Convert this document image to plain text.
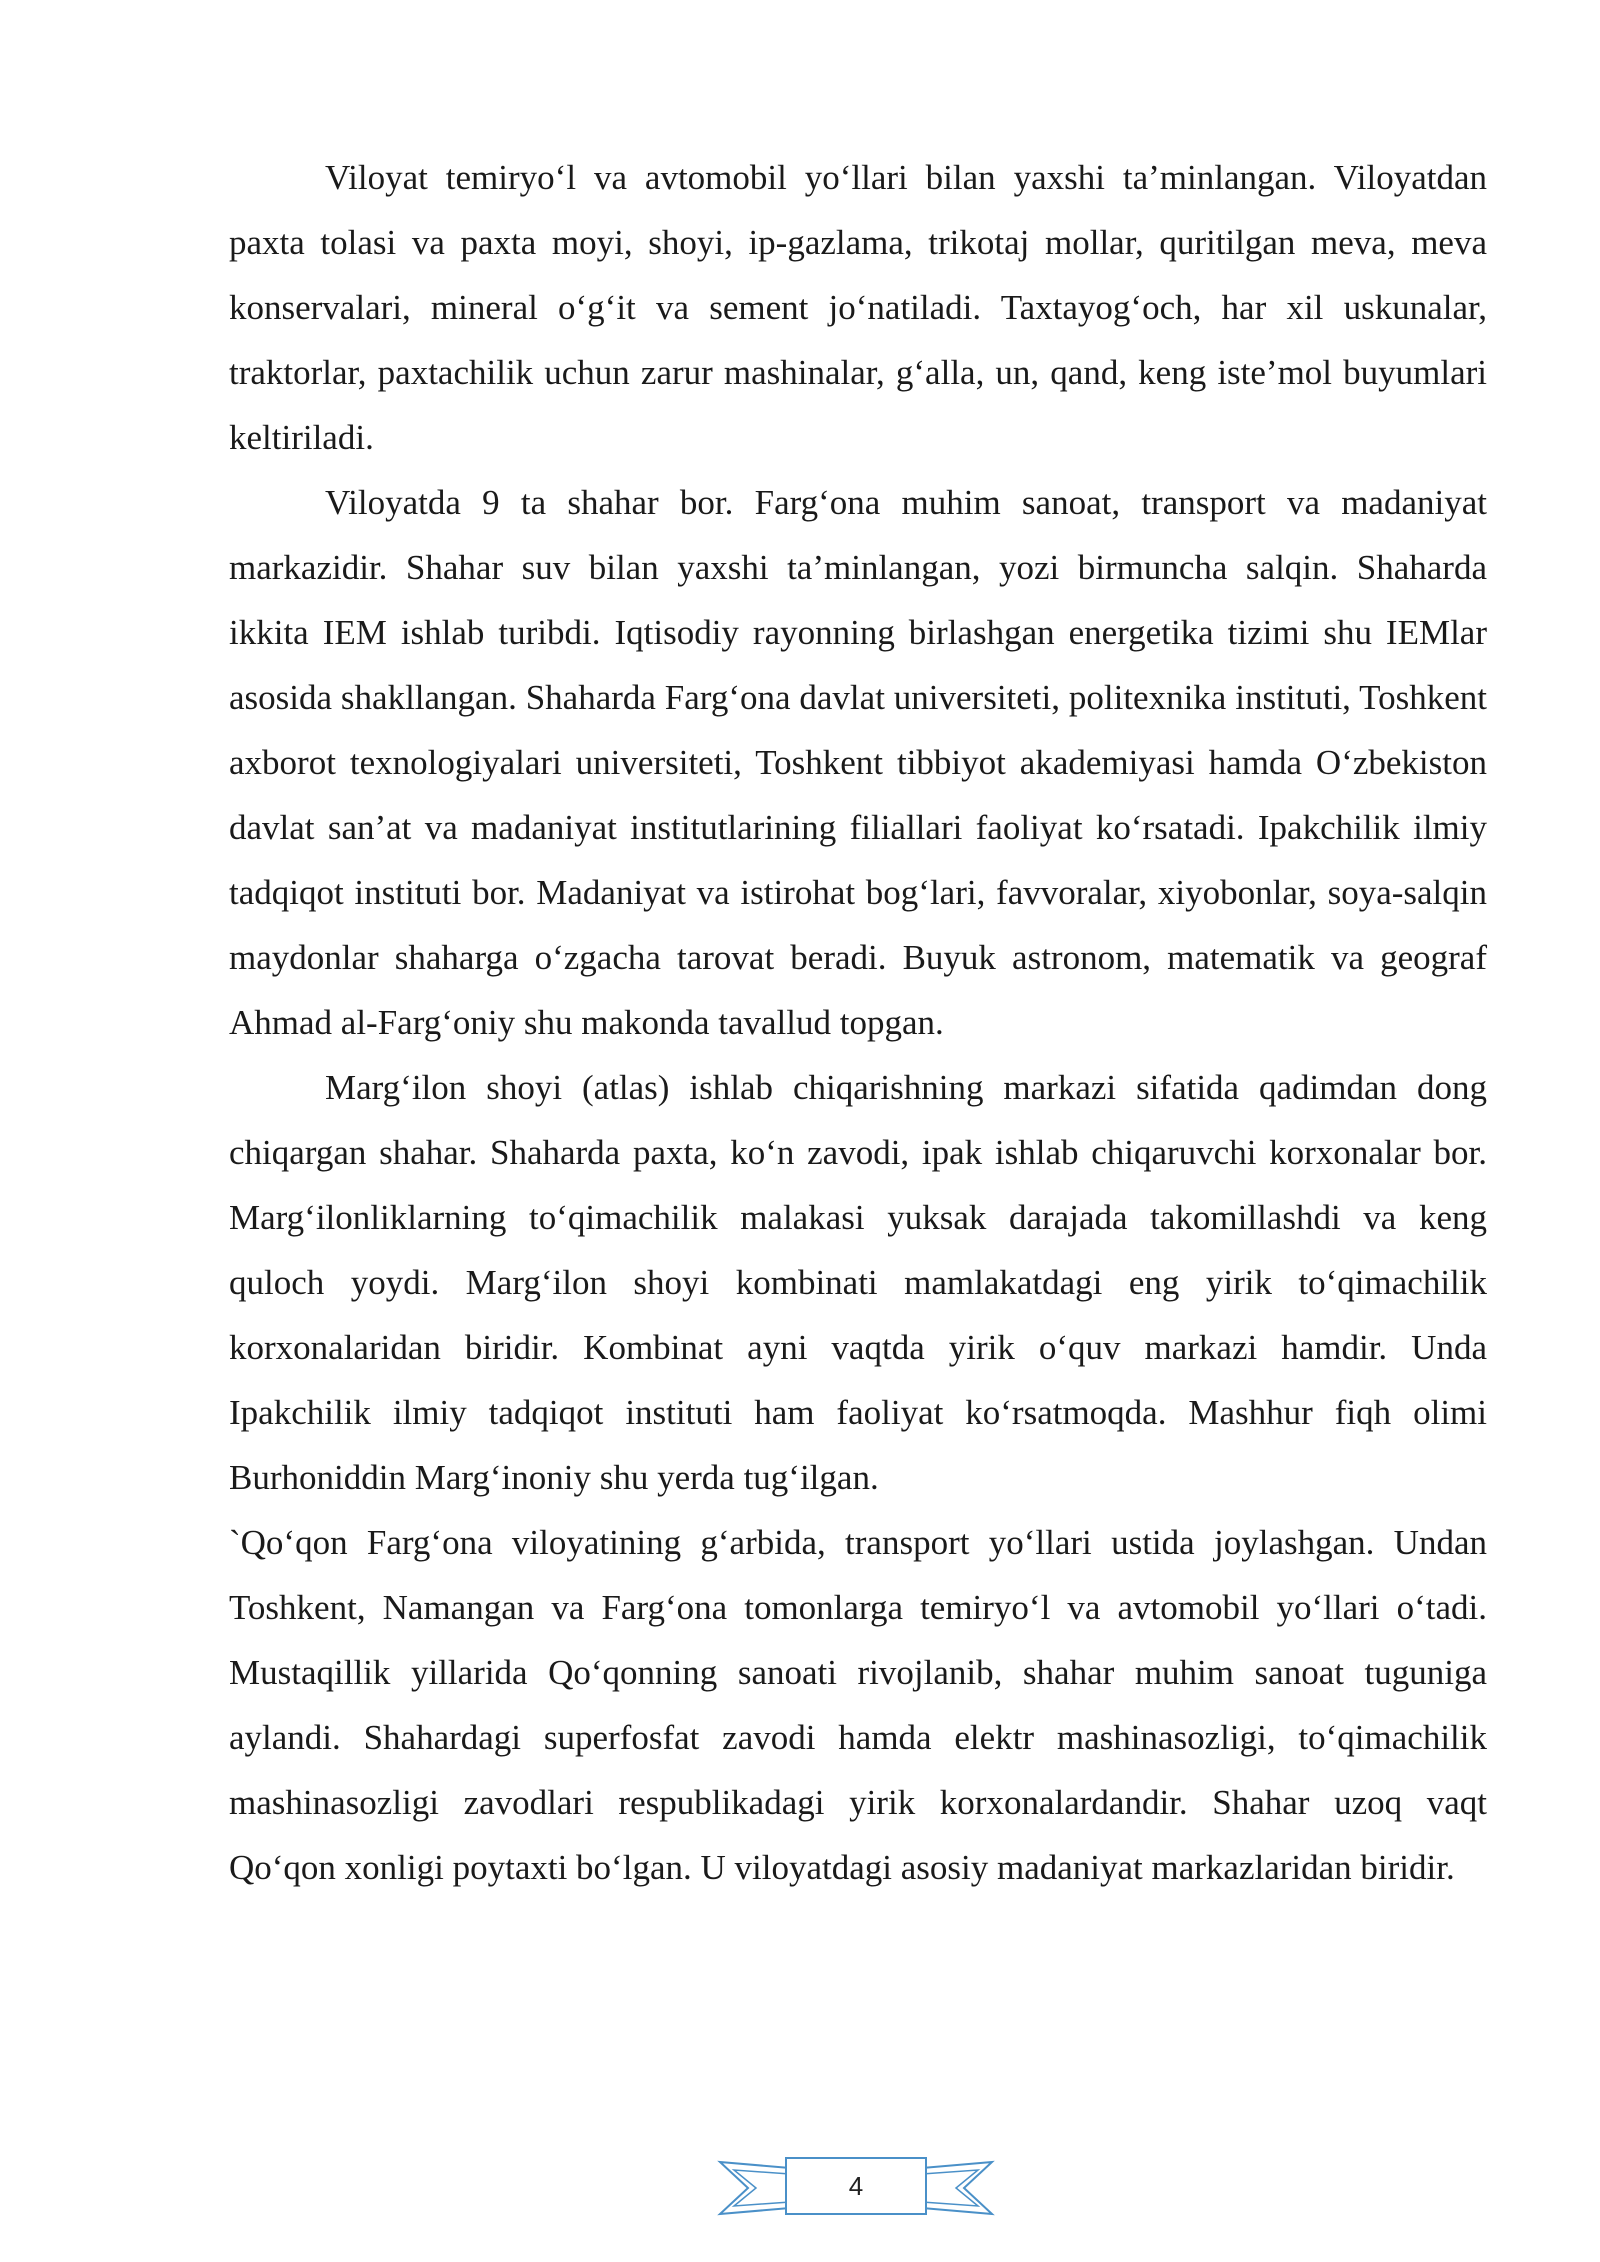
Viloyat temiryo‘l va avtomobil yo‘llari bilan yaxshi ta’minlangan. Viloyatdan paxta tolasi va paxta moyi, shoyi, ip-gazlama, trikotaj mollar, quritilgan meva, meva konservalari, mineral o‘g‘it va sement jo‘natiladi. Taxtayog‘och, har xil uskunalar, traktorlar, paxtachilik uchun zarur mashinalar, g‘alla, un, qand, keng iste’mol buyumlari keltiriladi.

Viloyatda 9 ta shahar bor. Farg‘ona muhim sanoat, transport va madaniyat markazidir. Shahar suv bilan yaxshi ta’minlangan, yozi birmuncha salqin. Shaharda ikkita IEM ishlab turibdi. Iqtisodiy rayonning birlashgan energetika tizimi shu IEMlar asosida shakllangan. Shaharda Farg‘ona davlat universiteti, politexnika instituti, Toshkent axborot texnologiyalari universiteti, Toshkent tibbiyot akademiyasi hamda O‘zbekiston davlat san’at va madaniyat institutlarining filiallari faoliyat ko‘rsatadi. Ipakchilik ilmiy tadqiqot instituti bor. Madaniyat va istirohat bog‘lari, favvoralar, xiyobonlar, soya-salqin maydonlar shaharga o‘zgacha tarovat beradi. Buyuk astronom, matematik va geograf Ahmad al-Farg‘oniy shu makonda tavallud topgan.

Marg‘ilon shoyi (atlas) ishlab chiqarishning markazi sifatida qadimdan dong chiqargan shahar. Shaharda paxta, ko‘n zavodi, ipak ishlab chiqaruvchi korxonalar bor. Marg‘ilonliklarning to‘qimachilik malakasi yuksak darajada takomillashdi va keng quloch yoydi. Marg‘ilon shoyi kombinati mamlakatdagi eng yirik to‘qimachilik korxonalaridan biridir. Kombinat ayni vaqtda yirik o‘quv markazi hamdir. Unda Ipakchilik ilmiy tadqiqot instituti ham faoliyat ko‘rsatmoqda. Mashhur fiqh olimi Burhoniddin Marg‘inoniy shu yerda tug‘ilgan.

`Qo‘qon Farg‘ona viloyatining g‘arbida, transport yo‘llari ustida joylashgan. Undan Toshkent, Namangan va Farg‘ona tomonlarga temiryo‘l va avtomobil yo‘llari o‘tadi. Mustaqillik yillarida Qo‘qonning sanoati rivojlanib, shahar muhim sanoat tuguniga aylandi. Shahardagi superfosfat zavodi hamda elektr mashinasozligi, to‘qimachilik mashinasozligi zavodlari respublikadagi yirik korxonalardandir. Shahar uzoq vaqt Qo‘qon xonligi poytaxti bo‘lgan. U viloyatdagi asosiy madaniyat markazlaridan biridir.

4
